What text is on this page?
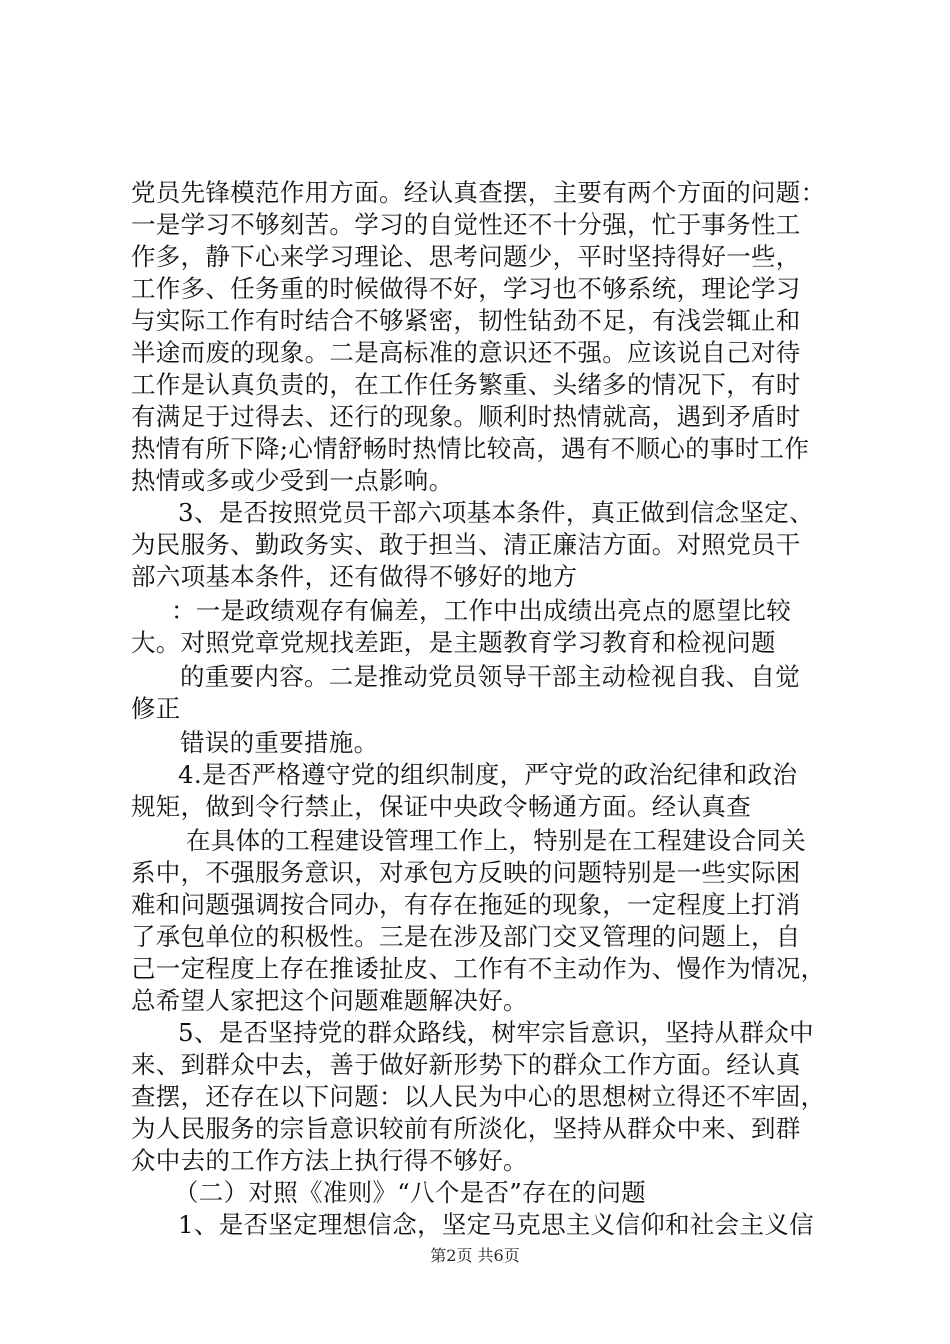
党员先锋模范作用方面。经认真查摆，主要有两个方面的问题：
一是学习不够刻苦。学习的自觉性还不十分强，忙于事务性工
作多，静下心来学习理论、思考问题少，平时坚持得好一些，
工作多、任务重的时候做得不好，学习也不够系统，理论学习
与实际工作有时结合不够紧密，韧性钻劲不足，有浅尝辄止和
半途而废的现象。二是高标准的意识还不强。应该说自己对待
工作是认真负责的，在工作任务繁重、头绪多的情况下，有时
有满足于过得去、还行的现象。顺利时热情就高，遇到矛盾时
热情有所下降;心情舒畅时热情比较高，遇有不顺心的事时工作
热情或多或少受到一点影响。
3、是否按照党员干部六项基本条件，真正做到信念坚定、
为民服务、勤政务实、敢于担当、清正廉洁方面。对照党员干
部六项基本条件，还有做得不够好的地方
：一是政绩观存有偏差，工作中出成绩出亮点的愿望比较
大。对照党章党规找差距，是主题教育学习教育和检视问题
的重要内容。二是推动党员领导干部主动检视自我、自觉
修正
错误的重要措施。
4.是否严格遵守党的组织制度，严守党的政治纪律和政治
规矩，做到令行禁止，保证中央政令畅通方面。经认真查
在具体的工程建设管理工作上，特别是在工程建设合同关
系中，不强服务意识，对承包方反映的问题特别是一些实际困
难和问题强调按合同办，有存在拖延的现象，一定程度上打消
了承包单位的积极性。三是在涉及部门交叉管理的问题上，自
己一定程度上存在推诿扯皮、工作有不主动作为、慢作为情况，
总希望人家把这个问题难题解决好。
5、是否坚持党的群众路线，树牢宗旨意识，坚持从群众中
来、到群众中去，善于做好新形势下的群众工作方面。经认真
查摆，还存在以下问题：以人民为中心的思想树立得还不牢固，
为人民服务的宗旨意识较前有所淡化，坚持从群众中来、到群
众中去的工作方法上执行得不够好。
（二）对照《准则》“八个是否”存在的问题
1、是否坚定理想信念，坚定马克思主义信仰和社会主义信
第2页 共6页
